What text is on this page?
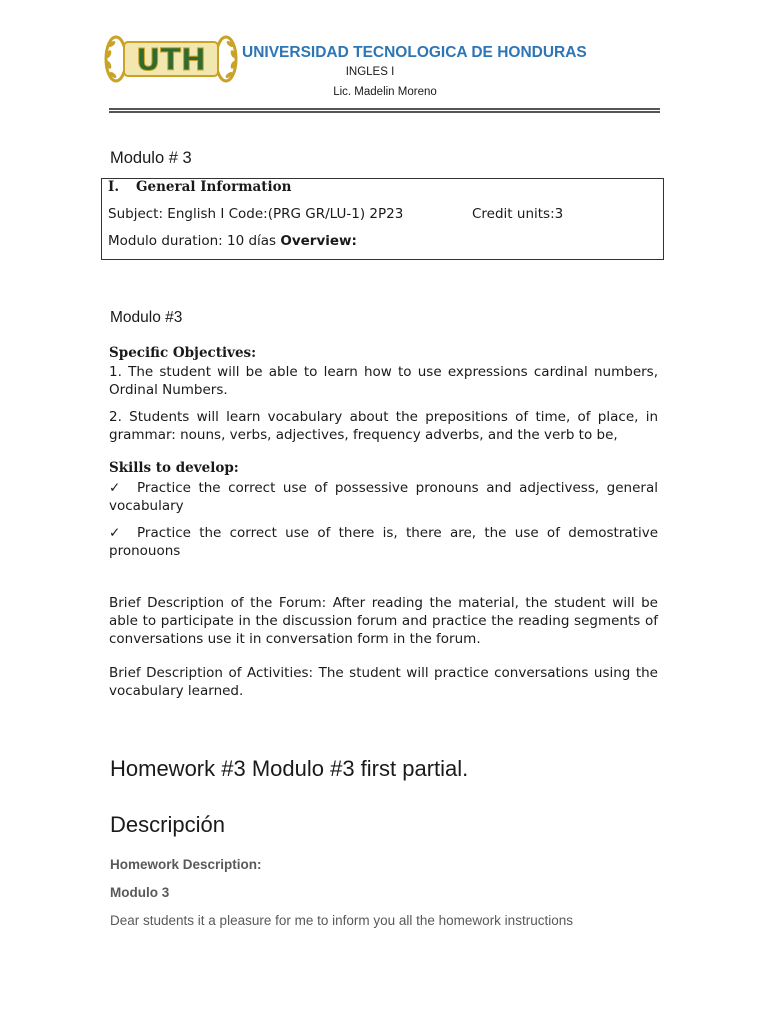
UTH UNIVERSIDAD TECNOLOGICA DE HONDURAS
INGLES I
Lic. Madelin Moreno
Modulo # 3
I. General Information
Subject: English I Code:(PRG GR/LU-1) 2P23	Credit units:3
Modulo duration: 10 días Overview:
Modulo #3
Specific Objectives:
1. The student will be able to learn how to use expressions cardinal numbers, Ordinal Numbers.
2. Students will learn vocabulary about the prepositions of time, of place, in grammar: nouns, verbs, adjectives, frequency adverbs, and the verb to be,
Skills to develop:
✓ Practice the correct use of possessive pronouns and adjectivess, general vocabulary
✓ Practice the correct use of there is, there are, the use of demostrative pronouons
Brief Description of the Forum: After reading the material, the student will be able to participate in the discussion forum and practice the reading segments of conversations use it in conversation form in the forum.
Brief Description of Activities: The student will practice conversations using the vocabulary learned.
Homework #3 Modulo #3 first partial.
Descripción
Homework Description:
Modulo 3
Dear students it a pleasure for me to inform you all the homework instructions
